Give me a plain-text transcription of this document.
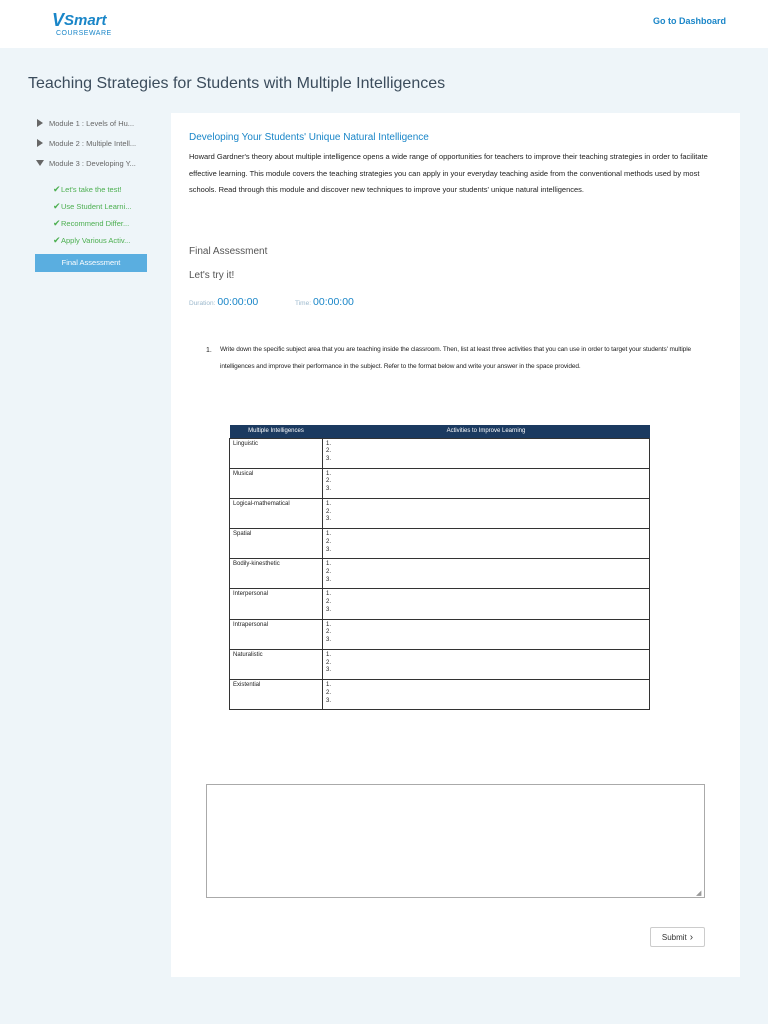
V Smart
COURSEWARE
Go to Dashboard
Teaching Strategies for Students with Multiple Intelligences
Module 1 : Levels of Hu...
Module 2 : Multiple Intell...
Module 3 : Developing Y...
✔ Let's take the test!
✔ Use Student Learni...
✔ Recommend Differ...
✔ Apply Various Activ...
Final Assessment
Developing Your Students' Unique Natural Intelligence
Howard Gardner's theory about multiple intelligence opens a wide range of opportunities for teachers to improve their teaching strategies in order to facilitate effective learning. This module covers the teaching strategies you can apply in your everyday teaching aside from the conventional methods used by most schools. Read through this module and discover new techniques to improve your students' unique natural intelligences.
Final Assessment
Let's try it!
Duration: 00:00:00	Time: 00:00:00
1. Write down the specific subject area that you are teaching inside the classroom. Then, list at least three activities that you can use in order to target your students' multiple intelligences and improve their performance in the subject. Refer to the format below and write your answer in the space provided.
Multiple Intelligences	Activities to Improve Learning
Linguistic	1.
2.
3.

Musical	1.
2.
3.

Logical-mathematical	1.
2.
3.

Spatial	1.
2.
3.

Bodily-kinesthetic	1.
2.
3.

Interpersonal	1.
2.
3.

Intrapersonal	1.
2.
3.

Naturalistic	1.
2.
3.

Existential	1.
2.
3.
◢
Submit ›
